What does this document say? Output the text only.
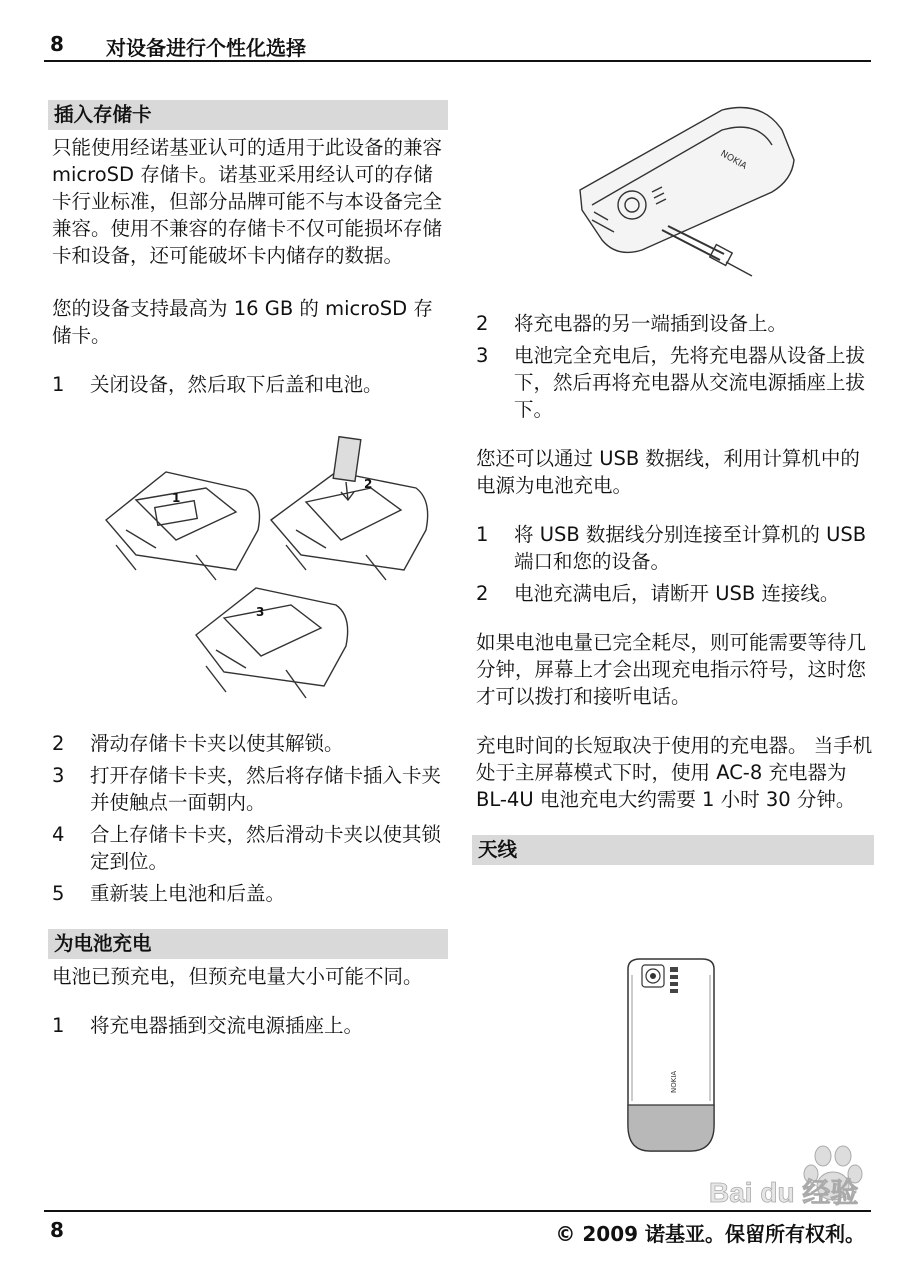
8 对设备进行个性化选择
插入存储卡

只能使用经诺基亚认可的适用于此设备的兼容 microSD 存储卡。诺基亚采用经认可的存储卡行业标准，但部分品牌可能不与本设备完全兼容。使用不兼容的存储卡不仅可能损坏存储卡和设备，还可能破坏卡内储存的数据。

您的设备支持最高为 16 GB 的 microSD 存储卡。

1 关闭设备，然后取下后盖和电池。
1
2
3
2 滑动存储卡卡夹以使其解锁。
3 打开存储卡卡夹，然后将存储卡插入卡夹并使触点一面朝内。
4 合上存储卡卡夹，然后滑动卡夹以使其锁定到位。
5 重新装上电池和后盖。
为电池充电

电池已预充电，但预充电量大小可能不同。

1 将充电器插到交流电源插座上。
NOKIA
2 将充电器的另一端插到设备上。
3 电池完全充电后，先将充电器从设备上拔下，然后再将充电器从交流电源插座上拔下。

您还可以通过 USB 数据线，利用计算机中的电源为电池充电。

1 将 USB 数据线分别连接至计算机的 USB 端口和您的设备。
2 电池充满电后，请断开 USB 连接线。

如果电池电量已完全耗尽，则可能需要等待几分钟，屏幕上才会出现充电指示符号，这时您才可以拨打和接听电话。

充电时间的长短取决于使用的充电器。 当手机处于主屏幕模式下时，使用 AC-8 充电器为 BL-4U 电池充电大约需要 1 小时 30 分钟。

天线
NOKIA
Bai du 经验
8	© 2009 诺基亚。保留所有权利。
